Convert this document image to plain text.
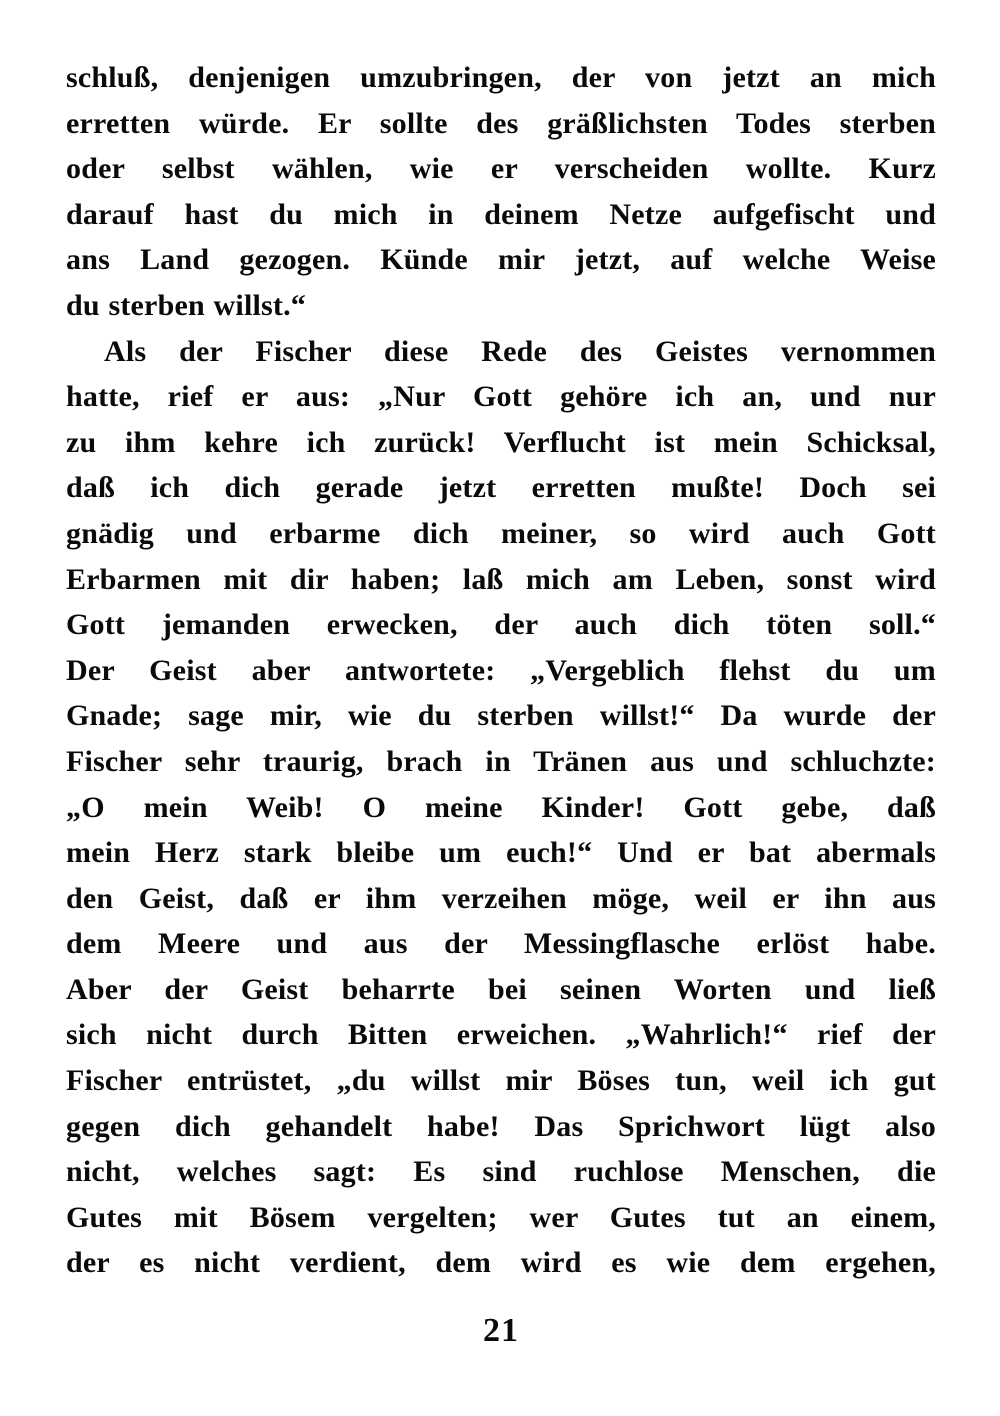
schluß, denjenigen umzubringen, der von jetzt an mich
erretten würde. Er sollte des gräßlichsten Todes sterben
oder selbst wählen, wie er verscheiden wollte. Kurz
darauf hast du mich in deinem Netze aufgefischt und
ans Land gezogen. Künde mir jetzt, auf welche Weise
du sterben willst.“
Als der Fischer diese Rede des Geistes vernommen
hatte, rief er aus: „Nur Gott gehöre ich an, und nur
zu ihm kehre ich zurück! Verflucht ist mein Schicksal,
daß ich dich gerade jetzt erretten mußte! Doch sei
gnädig und erbarme dich meiner, so wird auch Gott
Erbarmen mit dir haben; laß mich am Leben, sonst wird
Gott jemanden erwecken, der auch dich töten soll.“
Der Geist aber antwortete: „Vergeblich flehst du um
Gnade; sage mir, wie du sterben willst!“ Da wurde der
Fischer sehr traurig, brach in Tränen aus und schluchzte:
„O mein Weib! O meine Kinder! Gott gebe, daß
mein Herz stark bleibe um euch!“ Und er bat abermals
den Geist, daß er ihm verzeihen möge, weil er ihn aus
dem Meere und aus der Messingflasche erlöst habe.
Aber der Geist beharrte bei seinen Worten und ließ
sich nicht durch Bitten erweichen. „Wahrlich!“ rief der
Fischer entrüstet, „du willst mir Böses tun, weil ich gut
gegen dich gehandelt habe! Das Sprichwort lügt also
nicht, welches sagt: Es sind ruchlose Menschen, die
Gutes mit Bösem vergelten; wer Gutes tut an einem,
der es nicht verdient, dem wird es wie dem ergehen,
21
